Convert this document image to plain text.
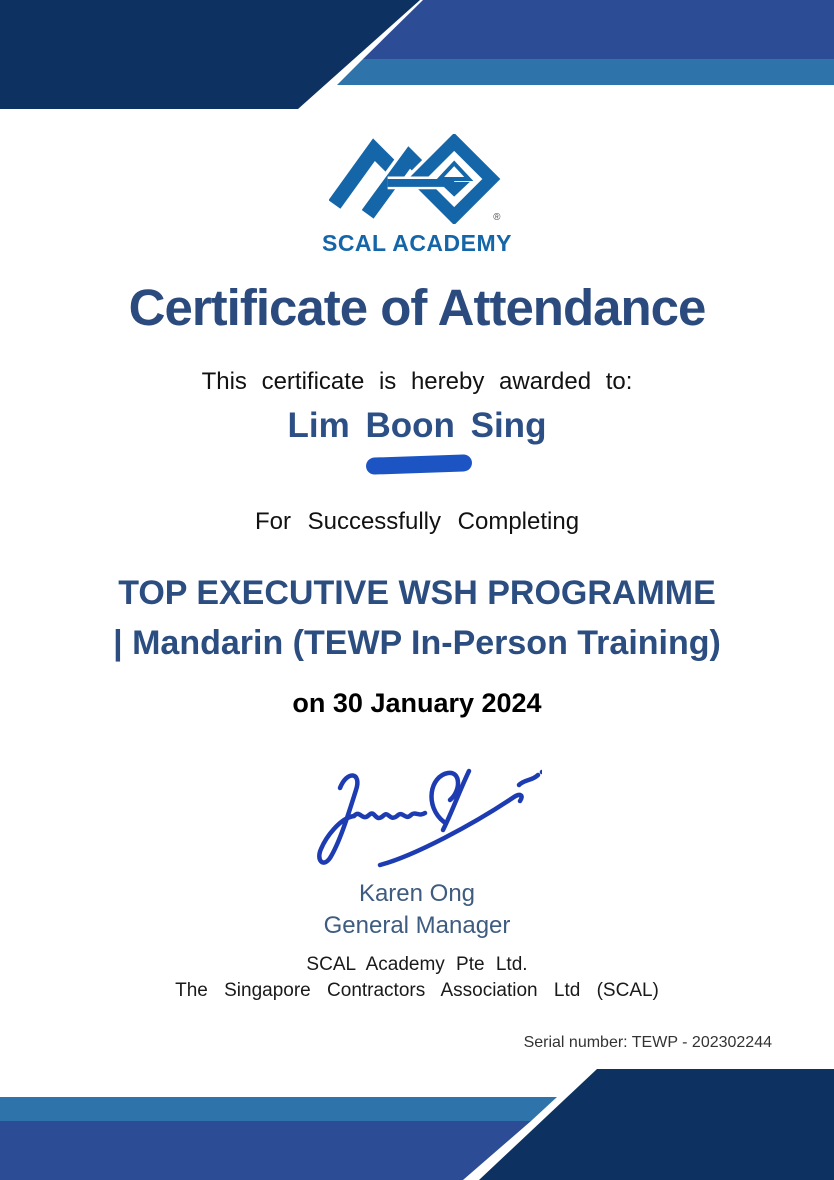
®
SCAL ACADEMY
Certificate of Attendance
This certificate is hereby awarded to:
Lim Boon Sing
For Successfully Completing
TOP EXECUTIVE WSH PROGRAMME
| Mandarin (TEWP In-Person Training)
on 30 January 2024
Karen Ong
General Manager
SCAL Academy Pte Ltd.
The Singapore Contractors Association Ltd (SCAL)
Serial number: TEWP - 202302244
